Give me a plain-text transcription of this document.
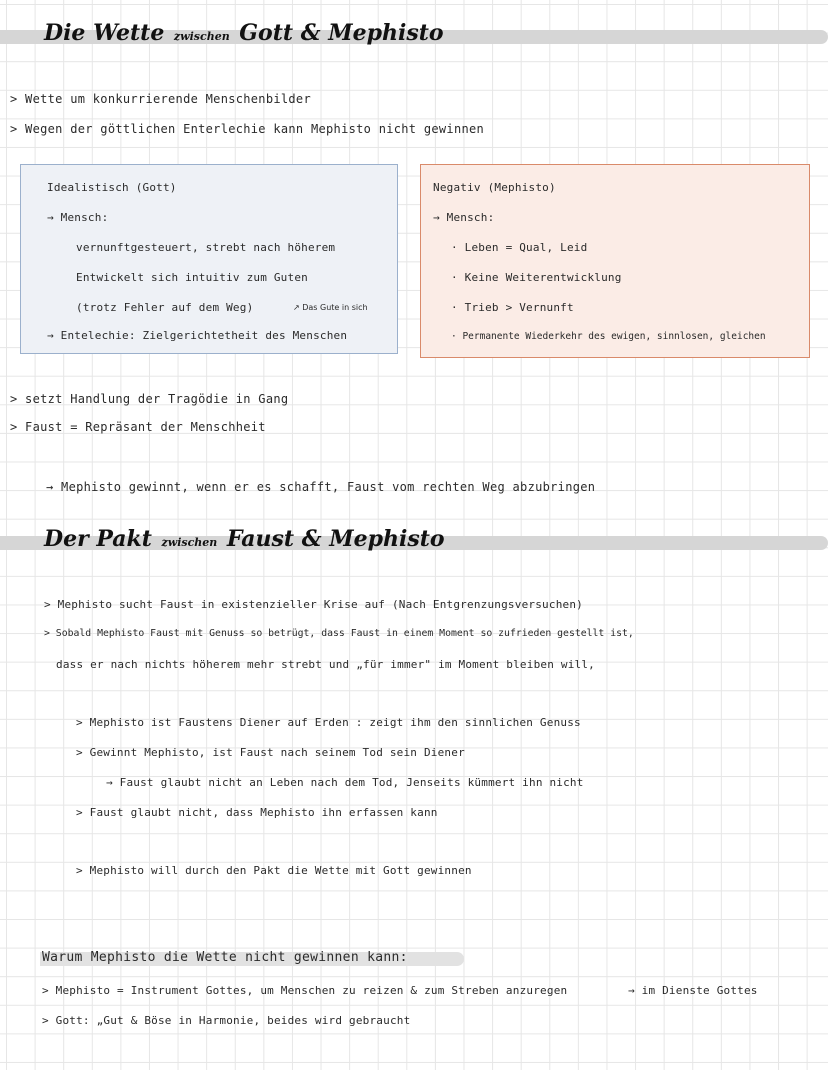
Die Wette zwischen Gott & Mephisto
> Wette um konkurrierende Menschenbilder
> Wegen der göttlichen Enterlechie kann Mephisto nicht gewinnen
Idealistisch (Gott)
→ Mensch:
vernunftgesteuert, strebt nach höherem
Entwickelt sich intuitiv zum Guten
(trotz Fehler auf dem Weg)	↗ Das Gute in sich
→ Entelechie: Zielgerichtetheit des Menschen
Negativ (Mephisto)
→ Mensch:
· Leben = Qual, Leid
· Keine Weiterentwicklung
· Trieb > Vernunft
· Permanente Wiederkehr des ewigen, sinnlosen, gleichen
> setzt Handlung der Tragödie in Gang
> Faust = Repräsant der Menschheit
→ Mephisto gewinnt, wenn er es schafft, Faust vom rechten Weg abzubringen
Der Pakt zwischen Faust & Mephisto
> Mephisto sucht Faust in existenzieller Krise auf (Nach Entgrenzungsversuchen)
> Sobald Mephisto Faust mit Genuss so betrügt, dass Faust in einem Moment so zufrieden gestellt ist,
dass er nach nichts höherem mehr strebt und „für immer" im Moment bleiben will,
> Mephisto ist Faustens Diener auf Erden : zeigt ihm den sinnlichen Genuss
> Gewinnt Mephisto, ist Faust nach seinem Tod sein Diener
→ Faust glaubt nicht an Leben nach dem Tod, Jenseits kümmert ihn nicht
> Faust glaubt nicht, dass Mephisto ihn erfassen kann
> Mephisto will durch den Pakt die Wette mit Gott gewinnen
Warum Mephisto die Wette nicht gewinnen kann:
> Mephisto = Instrument Gottes, um Menschen zu reizen & zum Streben anzuregen	→ im Dienste Gottes
> Gott: „Gut & Böse in Harmonie, beides wird gebraucht
